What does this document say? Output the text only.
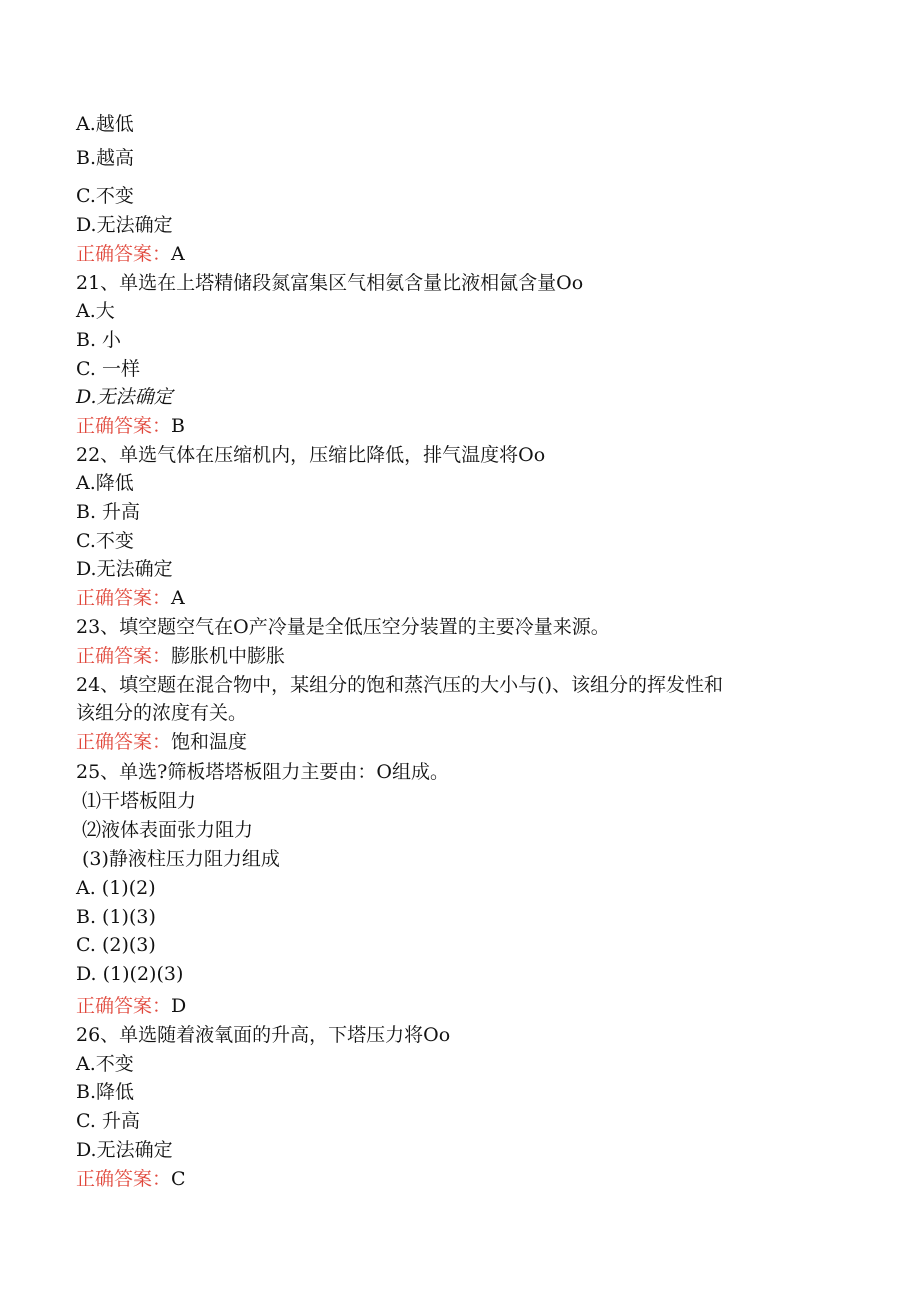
A.越低
B.越高
C.不变
D.无法确定
正确答案：A
21、单选在上塔精储段氮富集区气相氨含量比液相氤含量Oo
A.大
B. 小
C. 一样
D.无法确定
正确答案：B
22、单选气体在压缩机内，压缩比降低，排气温度将Oo
A.降低
B. 升高
C.不变
D.无法确定
正确答案：A
23、填空题空气在O产冷量是全低压空分装置的主要冷量来源。
正确答案：膨胀机中膨胀
24、填空题在混合物中，某组分的饱和蒸汽压的大小与()、该组分的挥发性和
该组分的浓度有关。
正确答案：饱和温度
25、单选?筛板塔塔板阻力主要由：O组成。
⑴干塔板阻力
⑵液体表面张力阻力
(3)静液柱压力阻力组成
A. (1)(2)
B. (1)(3)
C. (2)(3)
D. (1)(2)(3)
正确答案：D
26、单选随着液氧面的升高，下塔压力将Oo
A.不变
B.降低
C. 升高
D.无法确定
正确答案：C
